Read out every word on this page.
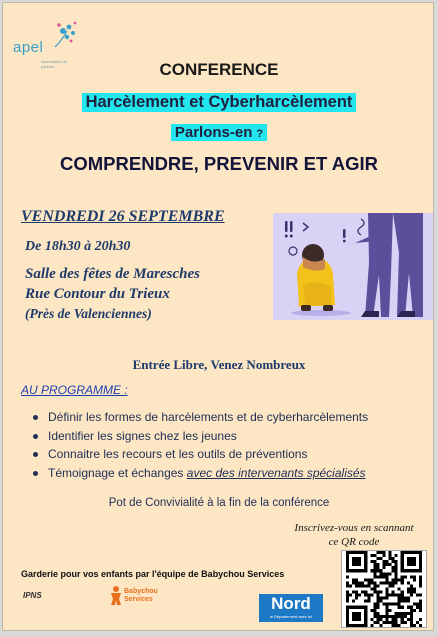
apel
Association de parents	CONFERENCE
Harcèlement et Cyberharcèlement
Parlons-en ?
COMPRENDRE, PREVENIR ET AGIR
VENDREDI 26 SEPTEMBRE
De 18h30 à 20h30
Salle des fêtes de Maresches
Rue Contour du Trieux
(Près de Valenciennes)
Entrée Libre, Venez Nombreux
AU PROGRAMME :
Définir les formes de harcèlements et de cyberharcèlements
Identifier les signes chez les jeunes
Connaitre les recours et les outils de préventions
Témoignage et échanges avec des intervenants spécialisés
Pot de Convivialité à la fin de la conférence
Inscrivez-vous en scannant
ce QR code
Garderie pour vos enfants par l'équipe de Babychou Services
IPNS	Babychou
Services	Nord
le Département avec toi
